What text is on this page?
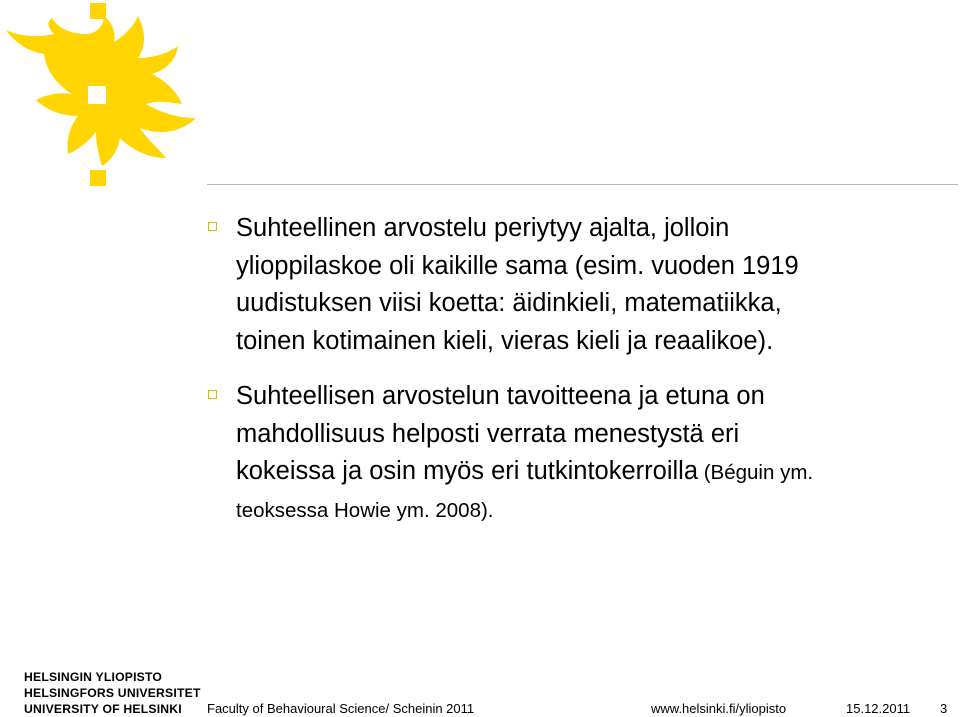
Suhteellinen arvostelu periytyy ajalta, jolloin
ylioppilaskoe oli kaikille sama (esim. vuoden 1919
uudistuksen viisi koetta: äidinkieli, matematiikka,
toinen kotimainen kieli, vieras kieli ja reaalikoe).
Suhteellisen arvostelun tavoitteena ja etuna on
mahdollisuus helposti verrata menestystä eri
kokeissa ja osin myös eri tutkintokerroilla (Béguin ym.
teoksessa Howie ym. 2008).
HELSINGIN YLIOPISTO
HELSINGFORS UNIVERSITET
UNIVERSITY OF HELSINKI	Faculty of Behavioural Science/ Scheinin 2011	www.helsinki.fi/yliopisto	15.12.2011 3
